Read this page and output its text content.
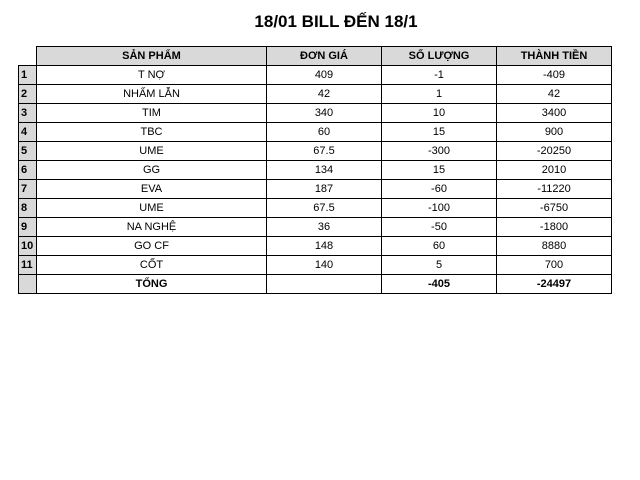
18/01 BILL ĐẾN 18/1
	SẢN PHẨM	ĐƠN GIÁ	SỐ LƯỢNG	THÀNH TIỀN
1	T NỢ	409	-1	-409
2	NHẨM LẪN	42	1	42
3	TIM	340	10	3400
4	TBC	60	15	900
5	UME	67.5	-300	-20250
6	GG	134	15	2010
7	EVA	187	-60	-11220
8	UME	67.5	-100	-6750
9	NA NGHỆ	36	-50	-1800
10	GO CF	148	60	8880
11	CỐT	140	5	700
	TỔNG		-405	-24497
